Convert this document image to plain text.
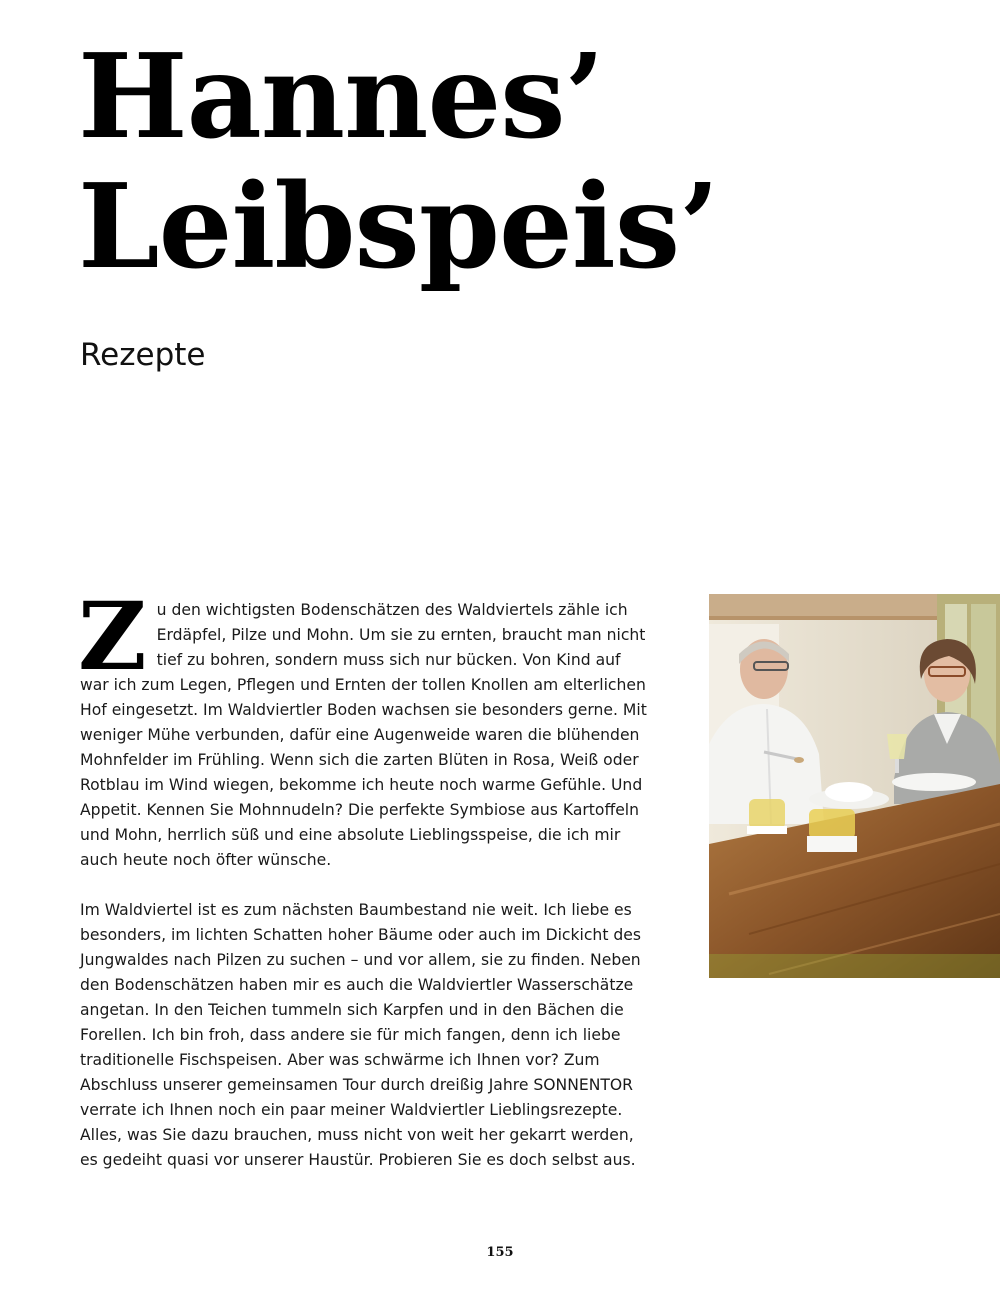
Hannes’
Leibspeis’
Rezepte

Z u den wichtigsten Bodenschätzen des Waldviertels zähle ich Erdäpfel, Pilze und Mohn. Um sie zu ernten, braucht man nicht tief zu bohren, sondern muss sich nur bücken. Von Kind auf war ich zum Legen, Pflegen und Ernten der tollen Knollen am elterlichen Hof eingesetzt. Im Waldviertler Boden wachsen sie besonders gerne. Mit weniger Mühe verbunden, dafür eine Augenweide waren die blühenden Mohnfelder im Frühling. Wenn sich die zarten Blüten in Rosa, Weiß oder Rotblau im Wind wiegen, bekomme ich heute noch warme Gefühle. Und Appetit. Kennen Sie Mohnnudeln? Die perfekte Symbiose aus Kartoffeln und Mohn, herrlich süß und eine absolute Lieblingsspeise, die ich mir auch heute noch öfter wünsche.

Im Waldviertel ist es zum nächsten Baumbestand nie weit. Ich liebe es besonders, im lichten Schatten hoher Bäume oder auch im Dickicht des Jungwaldes nach Pilzen zu suchen – und vor allem, sie zu finden. Neben den Bodenschätzen haben mir es auch die Waldviertler Wasserschätze angetan. In den Teichen tummeln sich Karpfen und in den Bächen die Forellen. Ich bin froh, dass andere sie für mich fangen, denn ich liebe traditionelle Fischspeisen. Aber was schwärme ich Ihnen vor? Zum Abschluss unserer gemeinsamen Tour durch dreißig Jahre SONNENTOR verrate ich Ihnen noch ein paar meiner Waldviertler Lieblingsrezepte. Alles, was Sie dazu brauchen, muss nicht von weit her gekarrt werden, es gedeiht quasi vor unserer Haustür. Probieren Sie es doch selbst aus.

155
